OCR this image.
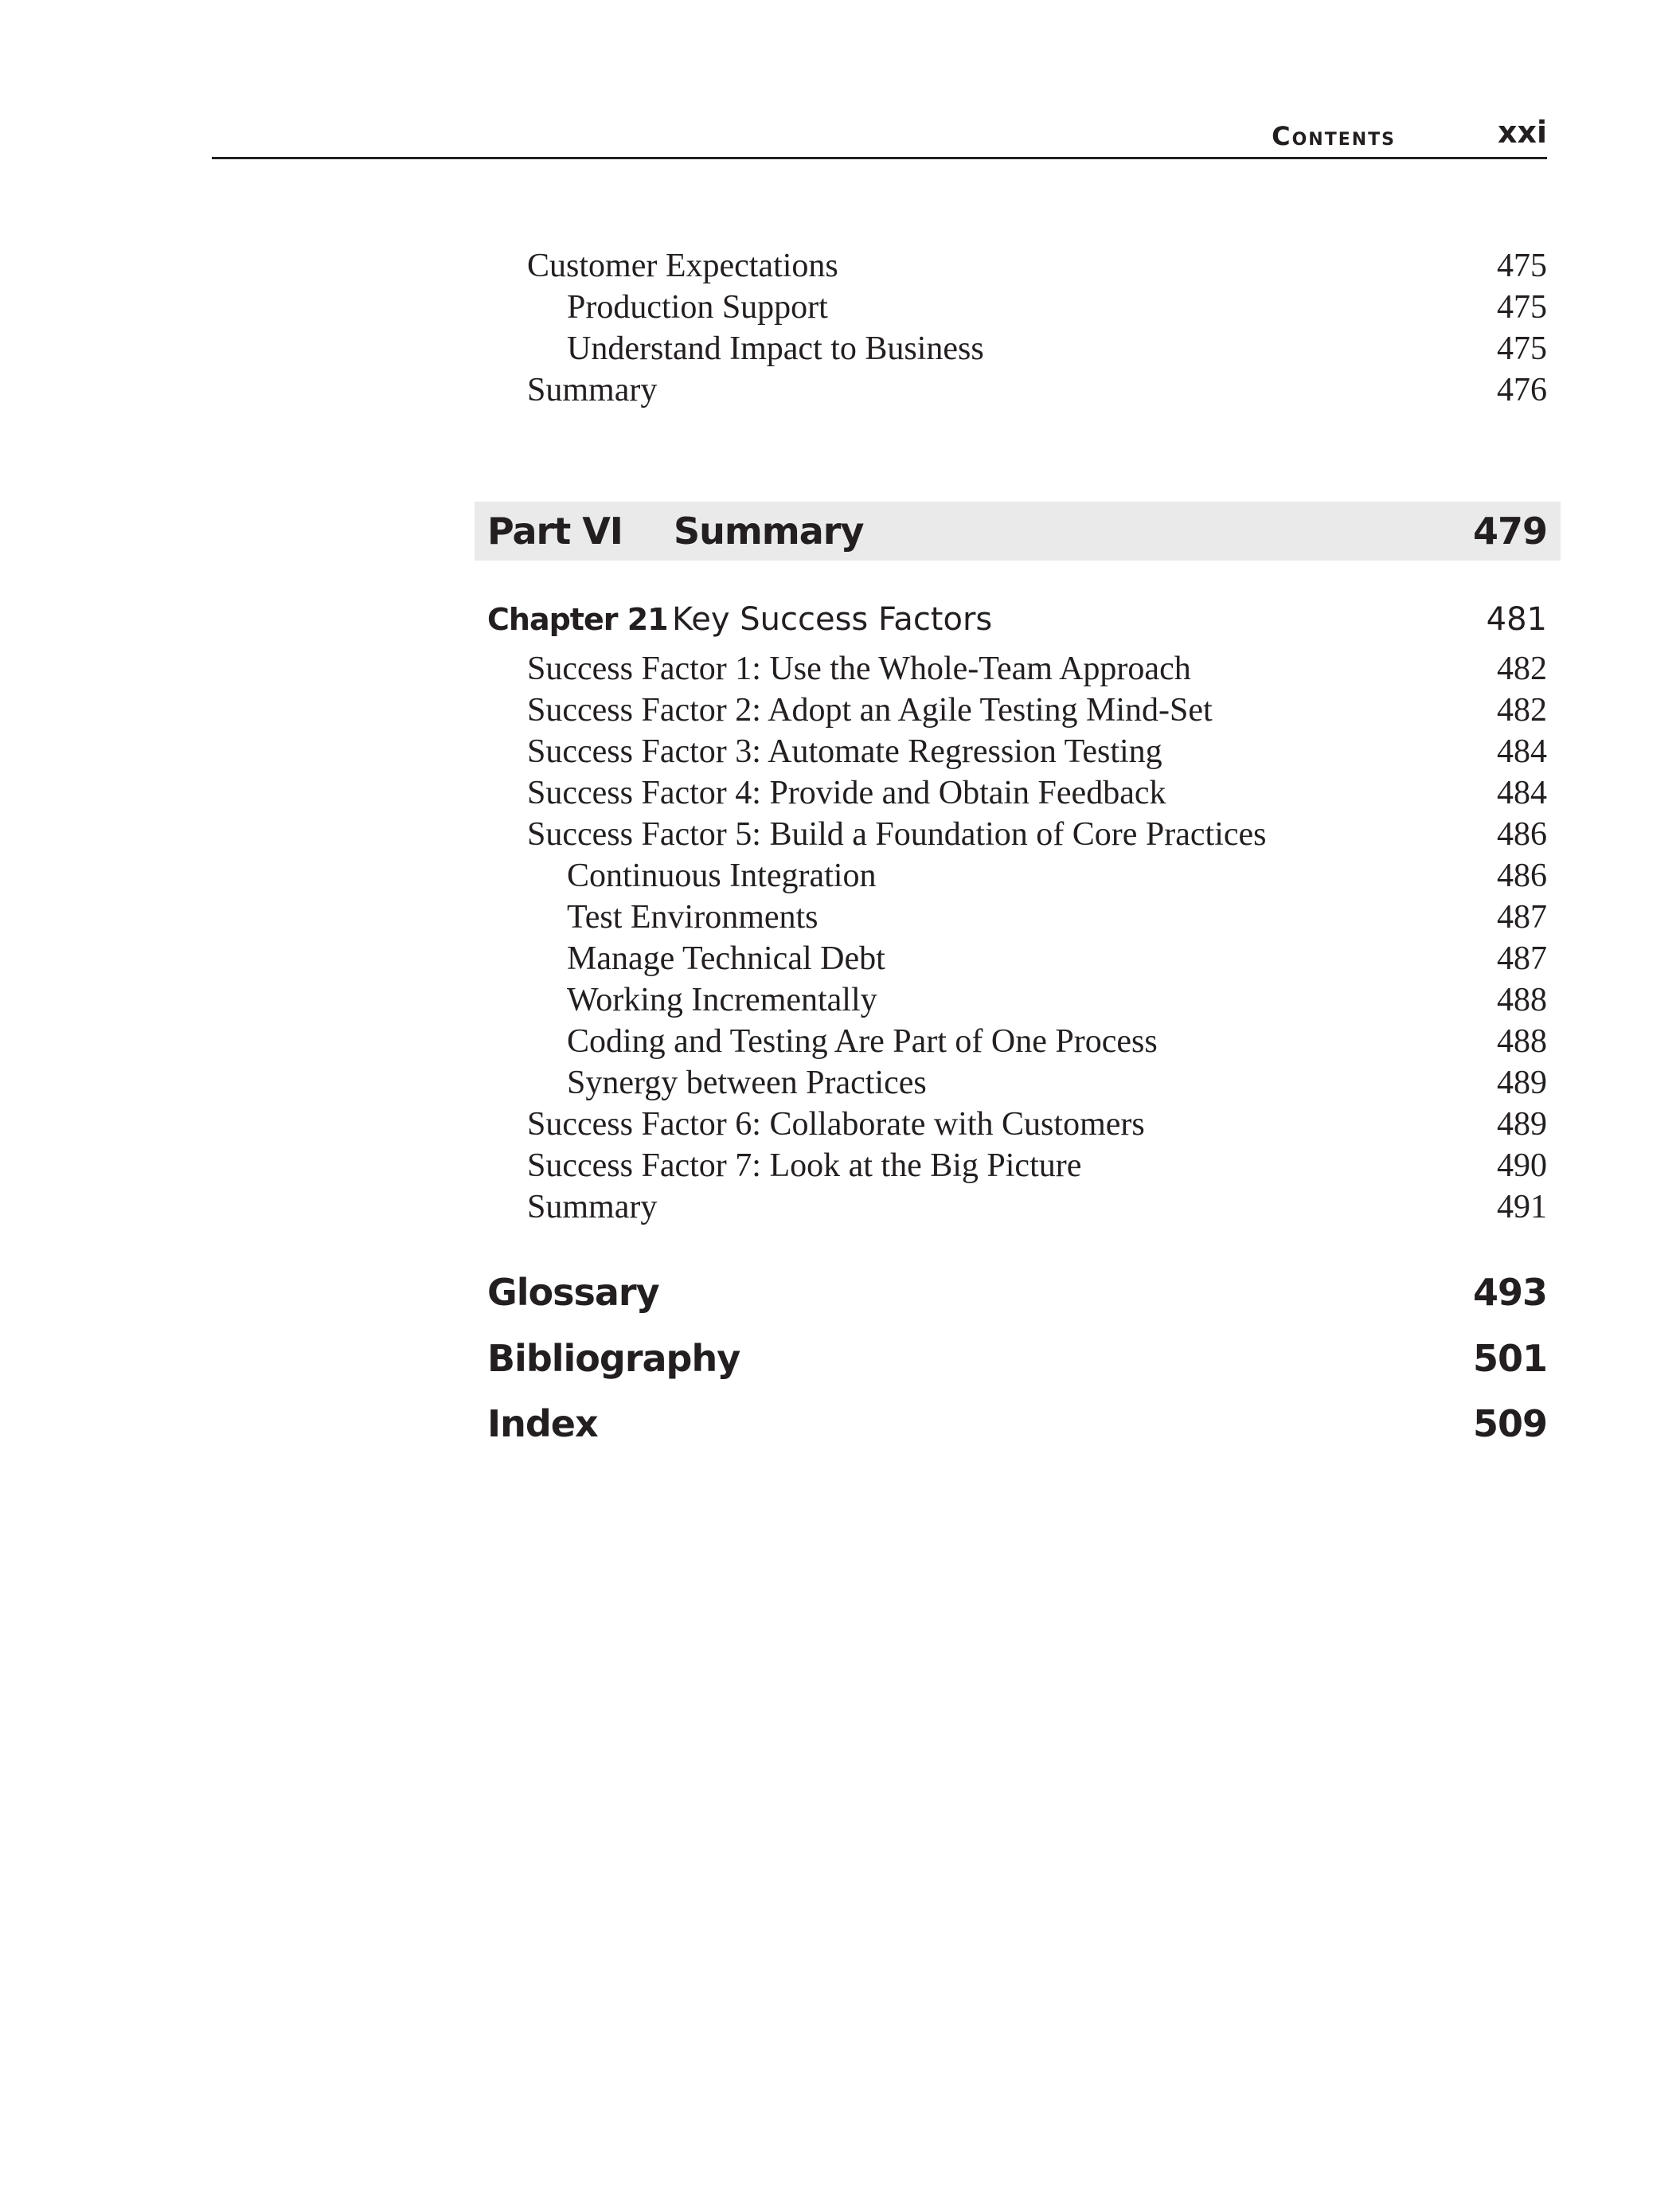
Contents	xxi
Customer Expectations	475
Production Support	475
Understand Impact to Business	475
Summary	476
Part VI Summary	479
Chapter 21 Key Success Factors	481
Success Factor 1: Use the Whole-Team Approach	482
Success Factor 2: Adopt an Agile Testing Mind-Set	482
Success Factor 3: Automate Regression Testing	484
Success Factor 4: Provide and Obtain Feedback	484
Success Factor 5: Build a Foundation of Core Practices	486
Continuous Integration	486
Test Environments	487
Manage Technical Debt	487
Working Incrementally	488
Coding and Testing Are Part of One Process	488
Synergy between Practices	489
Success Factor 6: Collaborate with Customers	489
Success Factor 7: Look at the Big Picture	490
Summary	491
Glossary	493
Bibliography	501
Index	509
